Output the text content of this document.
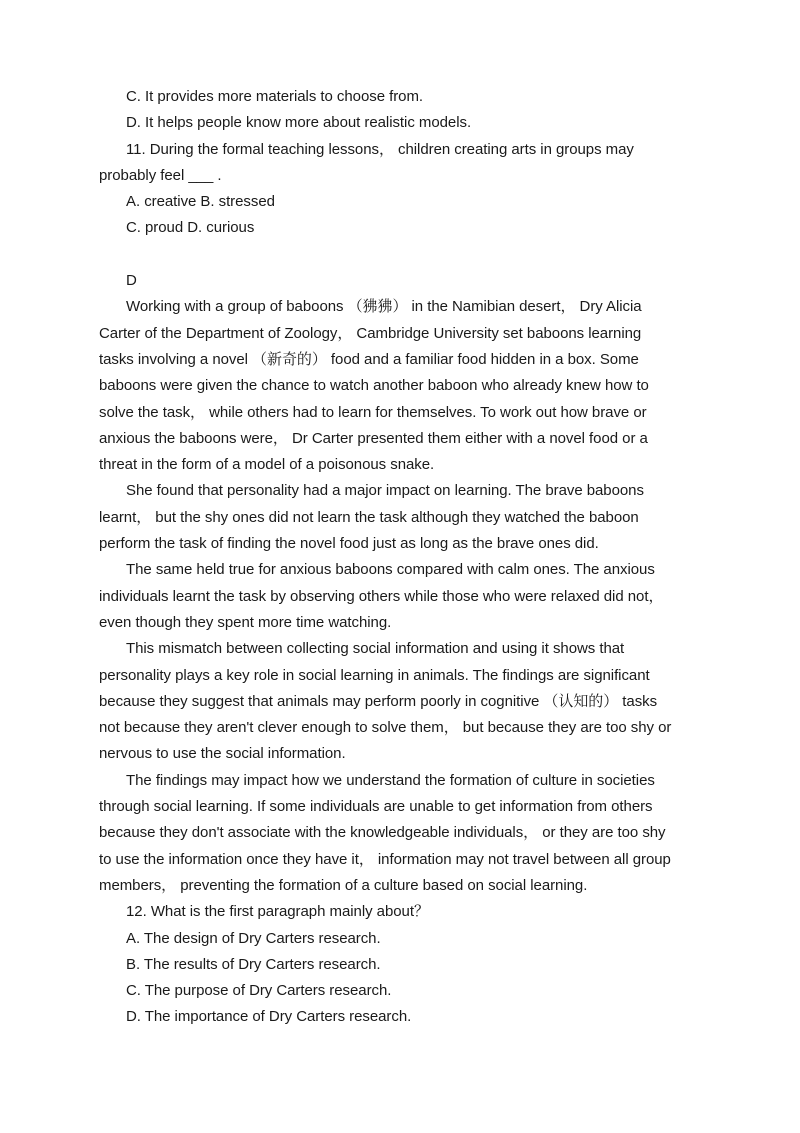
C. It provides more materials to choose from.
D. It helps people know more about realistic models.
11. During the formal teaching lessons， children creating arts in groups may
probably feel ___ .
A. creative B. stressed
C. proud D. curious
D
Working with a group of baboons （狒狒） in the Namibian desert， Dry Alicia
Carter of the Department of Zoology， Cambridge University set baboons learning
tasks involving a novel （新奇的） food and a familiar food hidden in a box. Some
baboons were given the chance to watch another baboon who already knew how to
solve the task， while others had to learn for themselves. To work out how brave or
anxious the baboons were， Dr Carter presented them either with a novel food or a
threat in the form of a model of a poisonous snake.
She found that personality had a major impact on learning. The brave baboons
learnt， but the shy ones did not learn the task although they watched the baboon
perform the task of finding the novel food just as long as the brave ones did.
The same held true for anxious baboons compared with calm ones. The anxious
individuals learnt the task by observing others while those who were relaxed did not，
even though they spent more time watching.
This mismatch between collecting social information and using it shows that
personality plays a key role in social learning in animals. The findings are significant
because they suggest that animals may perform poorly in cognitive （认知的） tasks
not because they aren't clever enough to solve them， but because they are too shy or
nervous to use the social information.
The findings may impact how we understand the formation of culture in societies
through social learning. If some individuals are unable to get information from others
because they don't associate with the knowledgeable individuals， or they are too shy
to use the information once they have it， information may not travel between all group
members， preventing the formation of a culture based on social learning.
12. What is the first paragraph mainly about？
A. The design of Dry Carters research.
B. The results of Dry Carters research.
C. The purpose of Dry Carters research.
D. The importance of Dry Carters research.
